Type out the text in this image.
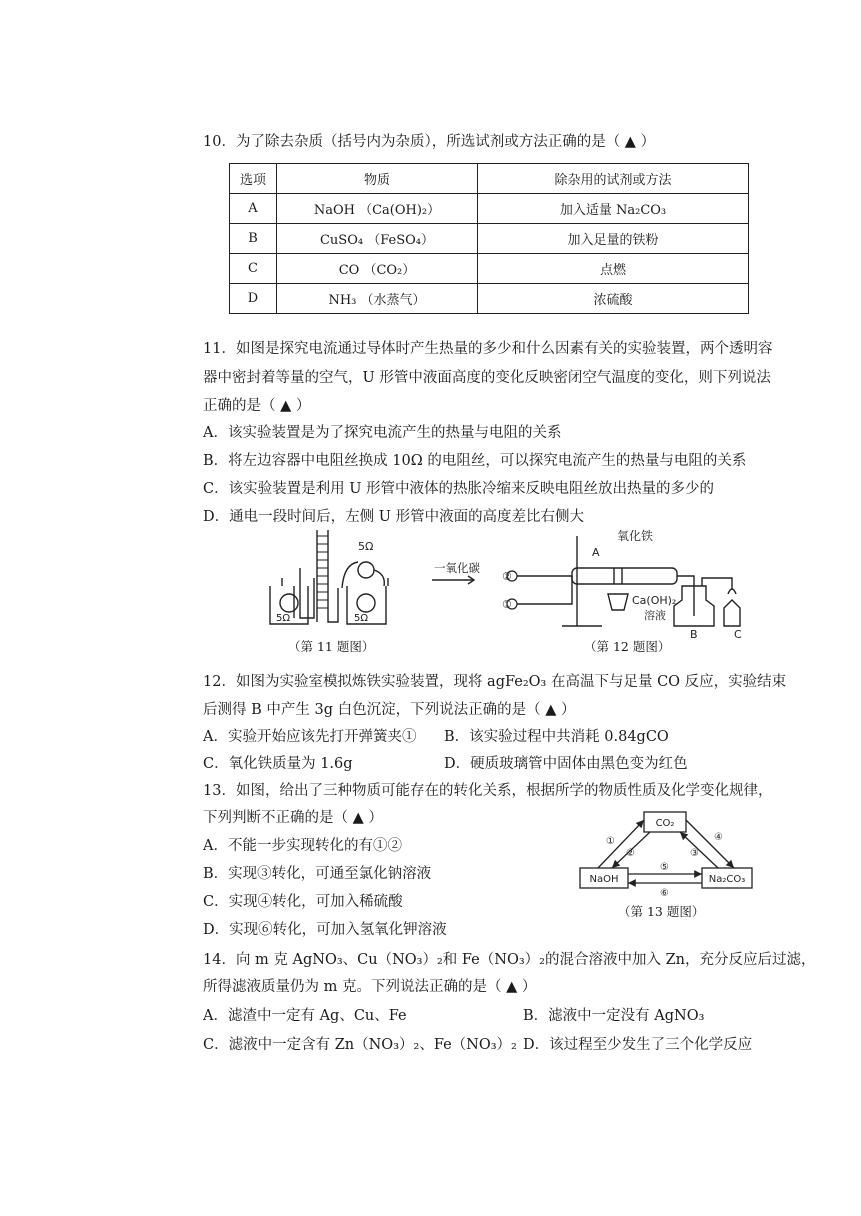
10．为了除去杂质（括号内为杂质），所选试剂或方法正确的是（ ▲ ）
选项	物质	除杂用的试剂或方法
A	NaOH （Ca(OH)₂）	加入适量 Na₂CO₃
B	CuSO₄ （FeSO₄）	加入足量的铁粉
C	CO （CO₂）	点燃
D	NH₃ （水蒸气）	浓硫酸
11．如图是探究电流通过导体时产生热量的多少和什么因素有关的实验装置，两个透明容
器中密封着等量的空气，U 形管中液面高度的变化反映密闭空气温度的变化，则下列说法
正确的是（ ▲ ）
A．该实验装置是为了探究电流产生的热量与电阻的关系
B．将左边容器中电阻丝换成 10Ω 的电阻丝，可以探究电流产生的热量与电阻的关系
C．该实验装置是利用 U 形管中液体的热胀冷缩来反映电阻丝放出热量的多少的
D．通电一段时间后，左侧 U 形管中液面的高度差比右侧大
5Ω
5Ω	5Ω
（第 11 题图）
一氧化碳
②
①
氧化铁
A
Ca(OH)₂
溶液
B	C
（第 12 题图）
12．如图为实验室模拟炼铁实验装置，现将 agFe₂O₃ 在高温下与足量 CO 反应，实验结束
后测得 B 中产生 3g 白色沉淀，下列说法正确的是（ ▲ ）
A．实验开始应该先打开弹簧夹① B．该实验过程中共消耗 0.84gCO
C．氧化铁质量为 1.6g	D．硬质玻璃管中固体由黑色变为红色
13．如图，给出了三种物质可能存在的转化关系，根据所学的物质性质及化学变化规律，
下列判断不正确的是（ ▲ ）
A．不能一步实现转化的有①②
B．实现③转化，可通至氯化钠溶液
C．实现④转化，可加入稀硫酸
D．实现⑥转化，可加入氢氧化钾溶液
CO₂
NaOH	Na₂CO₃
①
②	③
④
⑤
⑥
（第 13 题图）
14．向 m 克 AgNO₃、Cu（NO₃）₂和 Fe（NO₃）₂的混合溶液中加入 Zn，充分反应后过滤，
所得滤液质量仍为 m 克。下列说法正确的是（ ▲ ）
A．滤渣中一定有 Ag、Cu、Fe	B．滤液中一定没有 AgNO₃
C．滤液中一定含有 Zn（NO₃）₂、Fe（NO₃）₂ D．该过程至少发生了三个化学反应
